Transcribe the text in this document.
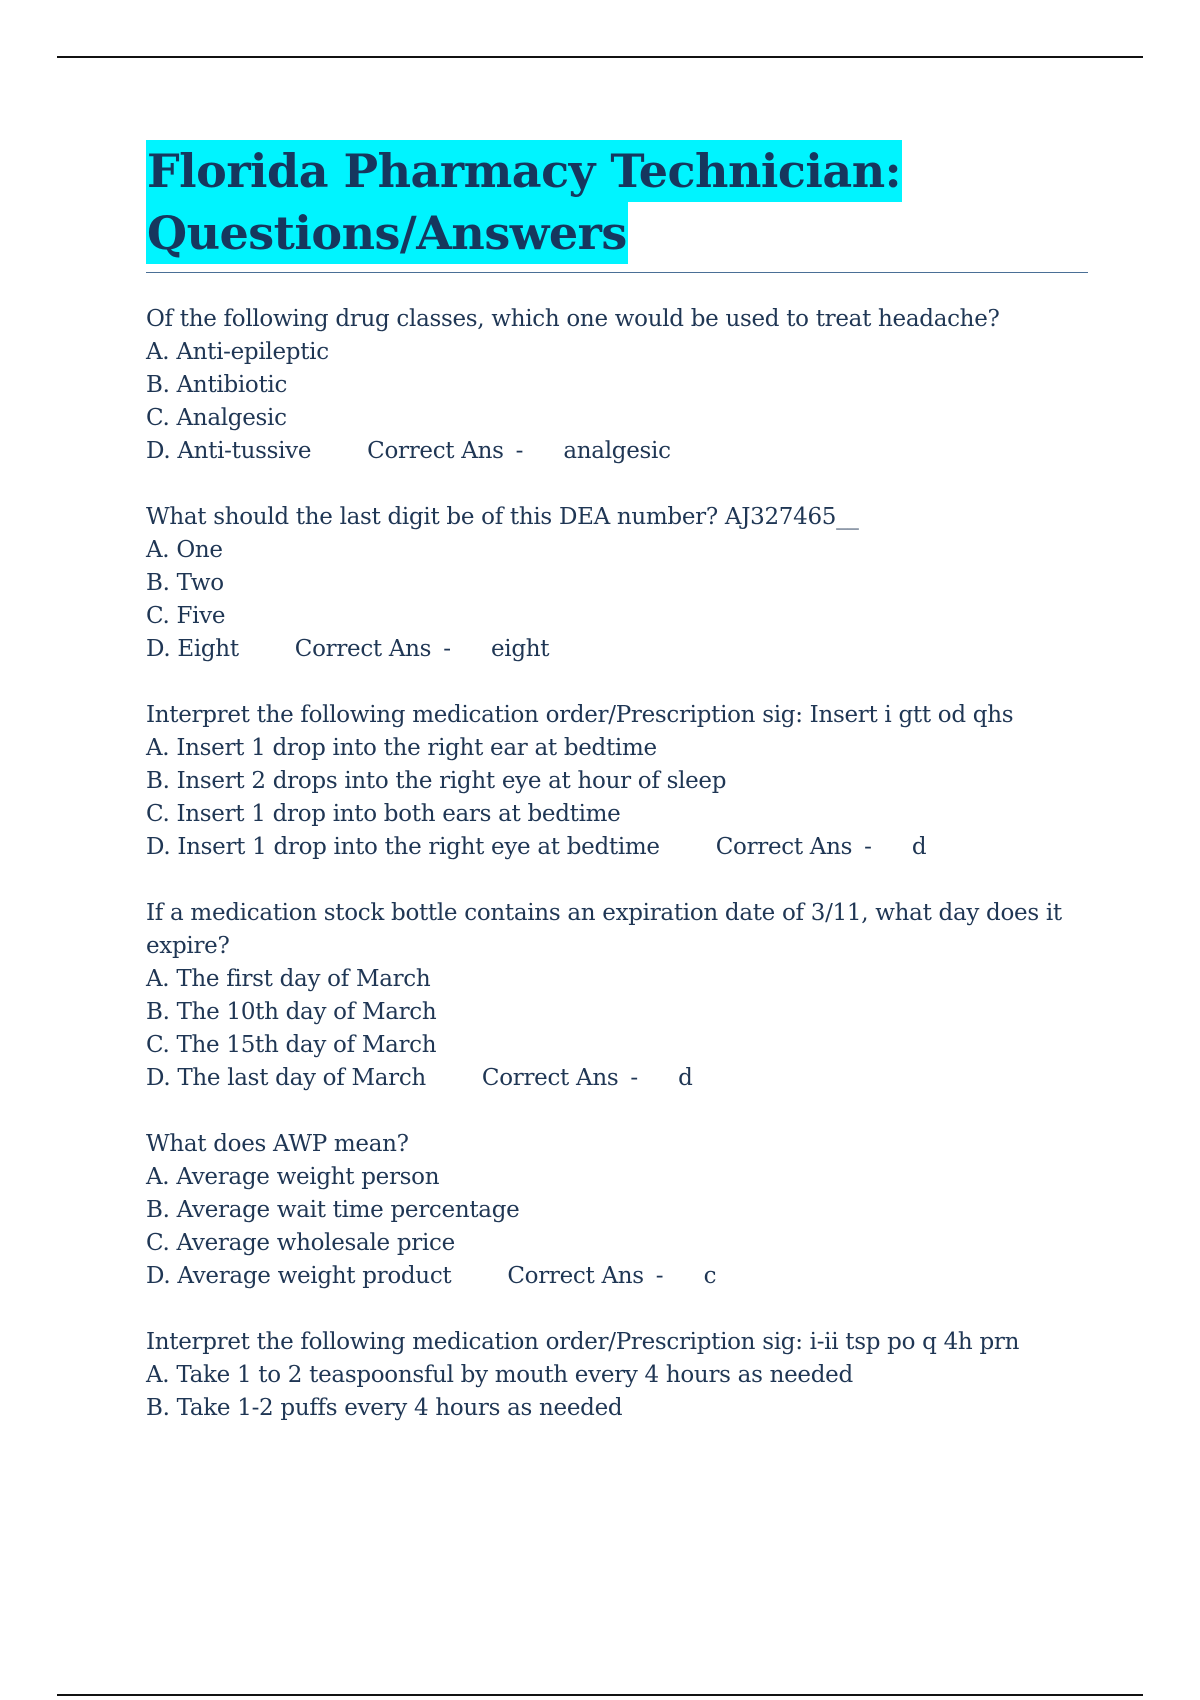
Florida Pharmacy Technician:
Questions/Answers
Of the following drug classes, which one would be used to treat headache?
A. Anti-epileptic
B. Antibiotic
C. Analgesic
D. Anti-tussive Correct Ans - analgesic
What should the last digit be of this DEA number? AJ327465__
A. One
B. Two
C. Five
D. Eight Correct Ans - eight
Interpret the following medication order/Prescription sig: Insert i gtt od qhs
A. Insert 1 drop into the right ear at bedtime
B. Insert 2 drops into the right eye at hour of sleep
C. Insert 1 drop into both ears at bedtime
D. Insert 1 drop into the right eye at bedtime Correct Ans - d
If a medication stock bottle contains an expiration date of 3/11, what day does it expire?
A. The first day of March
B. The 10th day of March
C. The 15th day of March
D. The last day of March Correct Ans - d
What does AWP mean?
A. Average weight person
B. Average wait time percentage
C. Average wholesale price
D. Average weight product Correct Ans - c
Interpret the following medication order/Prescription sig: i-ii tsp po q 4h prn
A. Take 1 to 2 teaspoonsful by mouth every 4 hours as needed
B. Take 1-2 puffs every 4 hours as needed
